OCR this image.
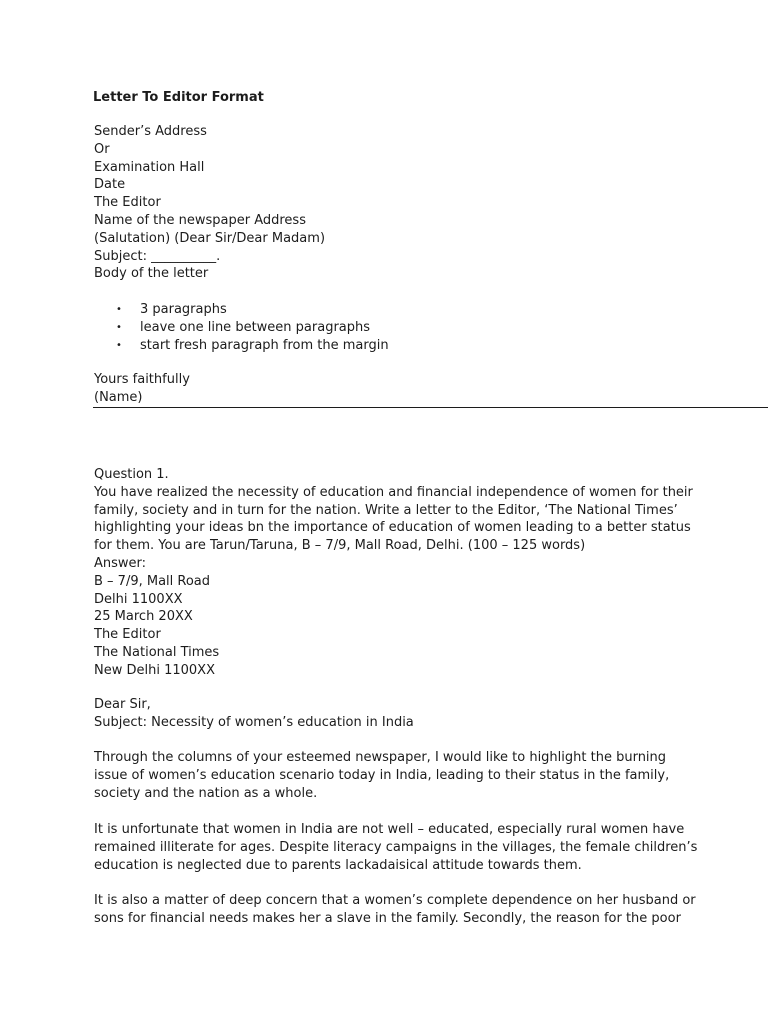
Letter To Editor Format
Sender’s Address
Or
Examination Hall
Date
The Editor
Name of the newspaper Address
(Salutation) (Dear Sir/Dear Madam)
Subject: __________.
Body of the letter
• 3 paragraphs
• leave one line between paragraphs
• start fresh paragraph from the margin
Yours faithfully
(Name)
Question 1.
You have realized the necessity of education and financial independence of women for their
family, society and in turn for the nation. Write a letter to the Editor, ‘The National Times’
highlighting your ideas bn the importance of education of women leading to a better status
for them. You are Tarun/Taruna, B – 7/9, Mall Road, Delhi. (100 – 125 words)
Answer:
B – 7/9, Mall Road
Delhi 1100XX
25 March 20XX
The Editor
The National Times
New Delhi 1100XX
Dear Sir,
Subject: Necessity of women’s education in India
Through the columns of your esteemed newspaper, I would like to highlight the burning
issue of women’s education scenario today in India, leading to their status in the family,
society and the nation as a whole.
It is unfortunate that women in India are not well – educated, especially rural women have
remained illiterate for ages. Despite literacy campaigns in the villages, the female children’s
education is neglected due to parents lackadaisical attitude towards them.
It is also a matter of deep concern that a women’s complete dependence on her husband or
sons for financial needs makes her a slave in the family. Secondly, the reason for the poor
